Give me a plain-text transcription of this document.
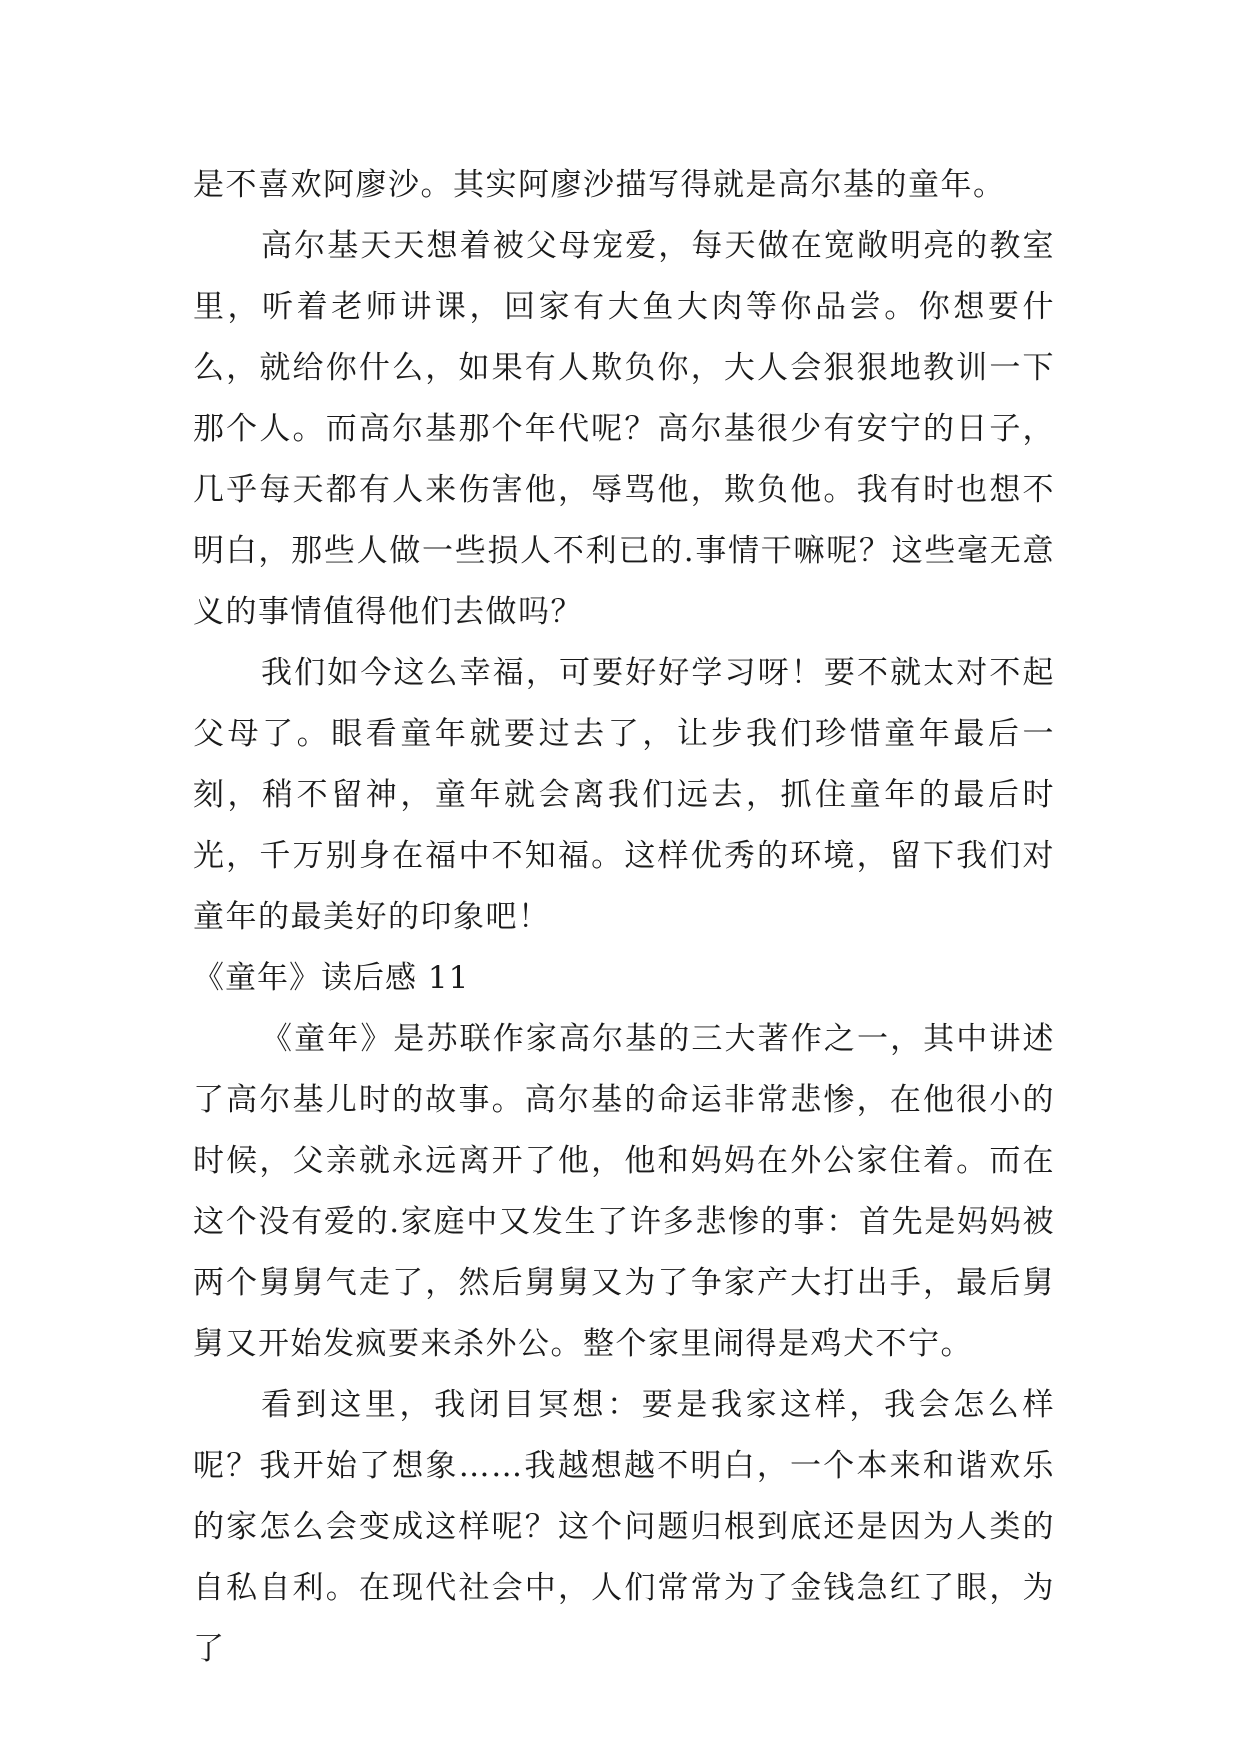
是不喜欢阿廖沙。其实阿廖沙描写得就是高尔基的童年。

高尔基天天想着被父母宠爱，每天做在宽敞明亮的教室里，听着老师讲课，回家有大鱼大肉等你品尝。你想要什么，就给你什么，如果有人欺负你，大人会狠狠地教训一下那个人。而高尔基那个年代呢？高尔基很少有安宁的日子，几乎每天都有人来伤害他，辱骂他，欺负他。我有时也想不明白，那些人做一些损人不利已的.事情干嘛呢？这些毫无意义的事情值得他们去做吗？

我们如今这么幸福，可要好好学习呀！要不就太对不起父母了。眼看童年就要过去了，让步我们珍惜童年最后一刻，稍不留神，童年就会离我们远去，抓住童年的最后时光，千万别身在福中不知福。这样优秀的环境，留下我们对童年的最美好的印象吧！

《童年》读后感 11

《童年》是苏联作家高尔基的三大著作之一，其中讲述了高尔基儿时的故事。高尔基的命运非常悲惨，在他很小的时候，父亲就永远离开了他，他和妈妈在外公家住着。而在这个没有爱的.家庭中又发生了许多悲惨的事：首先是妈妈被两个舅舅气走了，然后舅舅又为了争家产大打出手，最后舅舅又开始发疯要来杀外公。整个家里闹得是鸡犬不宁。

看到这里，我闭目冥想：要是我家这样，我会怎么样呢？我开始了想象……我越想越不明白，一个本来和谐欢乐的家怎么会变成这样呢？这个问题归根到底还是因为人类的自私自利。在现代社会中，人们常常为了金钱急红了眼，为了
